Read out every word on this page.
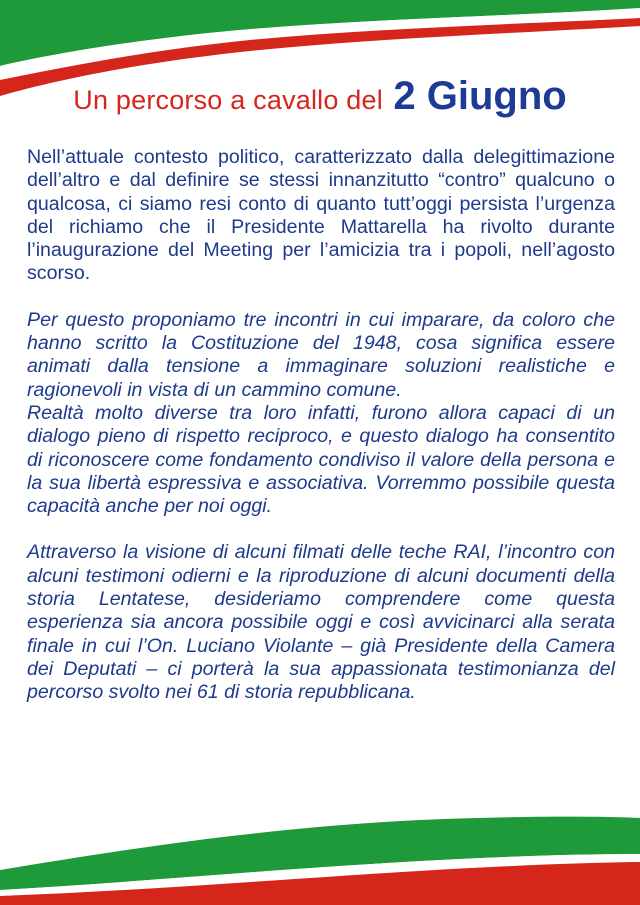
Un percorso a cavallo del 2 Giugno

Nell’attuale contesto politico, caratterizzato dalla delegittimazione dell’altro e dal definire se stessi innanzitutto “contro” qualcuno o qualcosa, ci siamo resi conto di quanto tutt’oggi persista l’urgenza del richiamo che il Presidente Mattarella ha rivolto durante l’inaugurazione del Meeting per l’amicizia tra i popoli, nell’agosto scorso.

Per questo proponiamo tre incontri in cui imparare, da coloro che hanno scritto la Costituzione del 1948, cosa significa essere animati dalla tensione a immaginare soluzioni realistiche e ragionevoli in vista di un cammino comune.

Realtà molto diverse tra loro infatti, furono allora capaci di un dialogo pieno di rispetto reciproco, e questo dialogo ha consentito di riconoscere come fondamento condiviso il valore della persona e la sua libertà espressiva e associativa. Vorremmo possibile questa capacità anche per noi oggi.

Attraverso la visione di alcuni filmati delle teche RAI, l’incontro con alcuni testimoni odierni e la riproduzione di alcuni documenti della storia Lentatese, desideriamo comprendere come questa esperienza sia ancora possibile oggi e così avvicinarci alla serata finale in cui l’On. Luciano Violante – già Presidente della Camera dei Deputati – ci porterà la sua appassionata testimonianza del percorso svolto nei 61 di storia repubblicana.
